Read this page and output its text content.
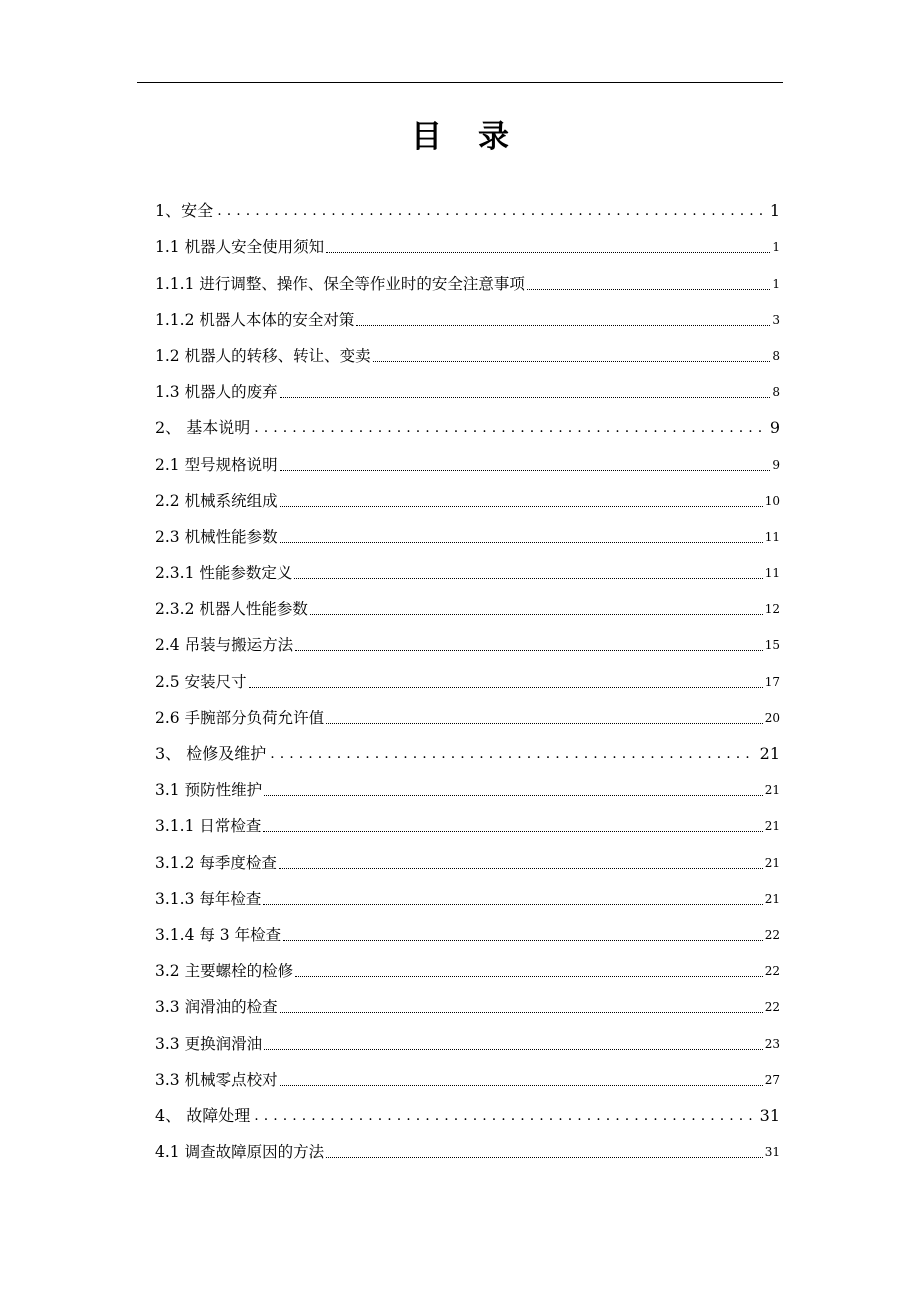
目 录
1、安全 . . .	1
1.1 机器人安全使用须知	1
1.1.1 进行调整、操作、保全等作业时的安全注意事项	1
1.1.2 机器人本体的安全对策	3
1.2 机器人的转移、转让、变卖	8
1.3 机器人的废弃	8
2、 基本说明 . . .	9
2.1 型号规格说明	9
2.2 机械系统组成	10
2.3 机械性能参数	11
2.3.1 性能参数定义	11
2.3.2 机器人性能参数	12
2.4 吊装与搬运方法	15
2.5 安装尺寸	17
2.6 手腕部分负荷允许值	20
3、 检修及维护 . . .	21
3.1 预防性维护	21
3.1.1 日常检查	21
3.1.2 每季度检查	21
3.1.3 每年检查	21
3.1.4 每 3 年检查	22
3.2 主要螺栓的检修	22
3.3 润滑油的检查	22
3.3 更换润滑油	23
3.3 机械零点校对	27
4、 故障处理 . . .	31
4.1 调查故障原因的方法	31
